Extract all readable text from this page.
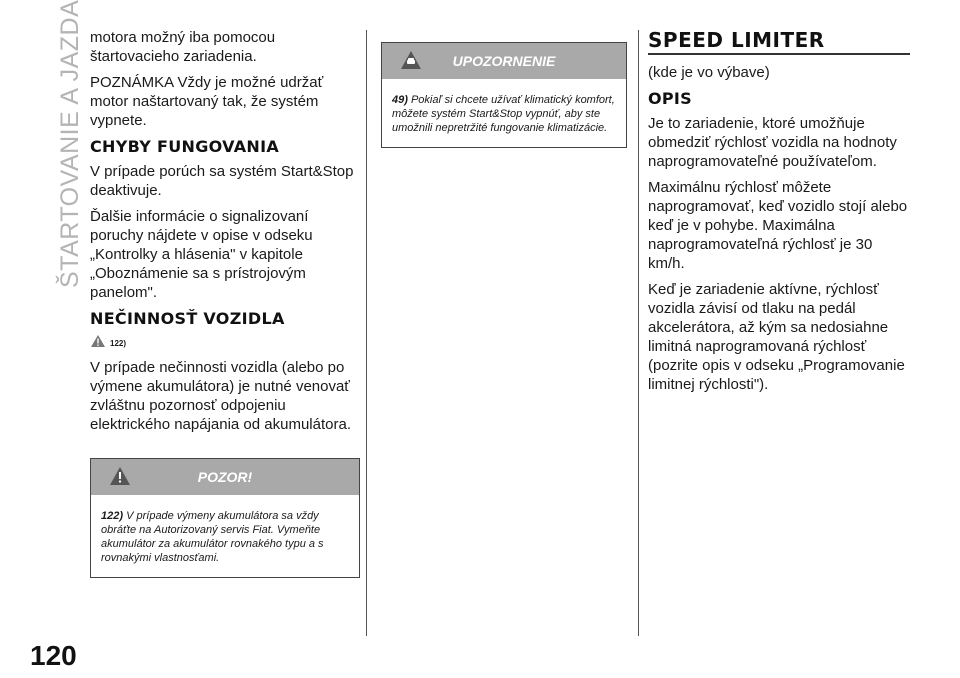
ŠTARTOVANIE A JAZDA
120

motora možný iba pomocou štartovacieho zariadenia.

POZNÁMKA Vždy je možné udržať motor naštartovaný tak, že systém vypnete.

CHYBY FUNGOVANIA

V prípade porúch sa systém Start&Stop deaktivuje.

Ďalšie informácie o signalizovaní poruchy nájdete v opise v odseku „Kontrolky a hlásenia" v kapitole „Oboznámenie sa s prístrojovým panelom".

NEČINNOSŤ VOZIDLA
122)

V prípade nečinnosti vozidla (alebo po výmene akumulátora) je nutné venovať zvláštnu pozornosť odpojeniu elektrického napájania od akumulátora.

POZOR!
122) V prípade výmeny akumulátora sa vždy obráťte na Autorizovaný servis Fiat. Vymeňte akumulátor za akumulátor rovnakého typu a s rovnakými vlastnosťami.
UPOZORNENIE
49) Pokiaľ si chcete užívať klimatický komfort, môžete systém Start&Stop vypnúť, aby ste umožnili nepretržité fungovanie klimatizácie.
SPEED LIMITER

(kde je vo výbave)

OPIS

Je to zariadenie, ktoré umožňuje obmedziť rýchlosť vozidla na hodnoty naprogramovateľné používateľom.

Maximálnu rýchlosť môžete naprogramovať, keď vozidlo stojí alebo keď je v pohybe. Maximálna naprogramovateľná rýchlosť je 30 km/h.

Keď je zariadenie aktívne, rýchlosť vozidla závisí od tlaku na pedál akcelerátora, až kým sa nedosiahne limitná naprogramovaná rýchlosť (pozrite opis v odseku „Programovanie limitnej rýchlosti").
